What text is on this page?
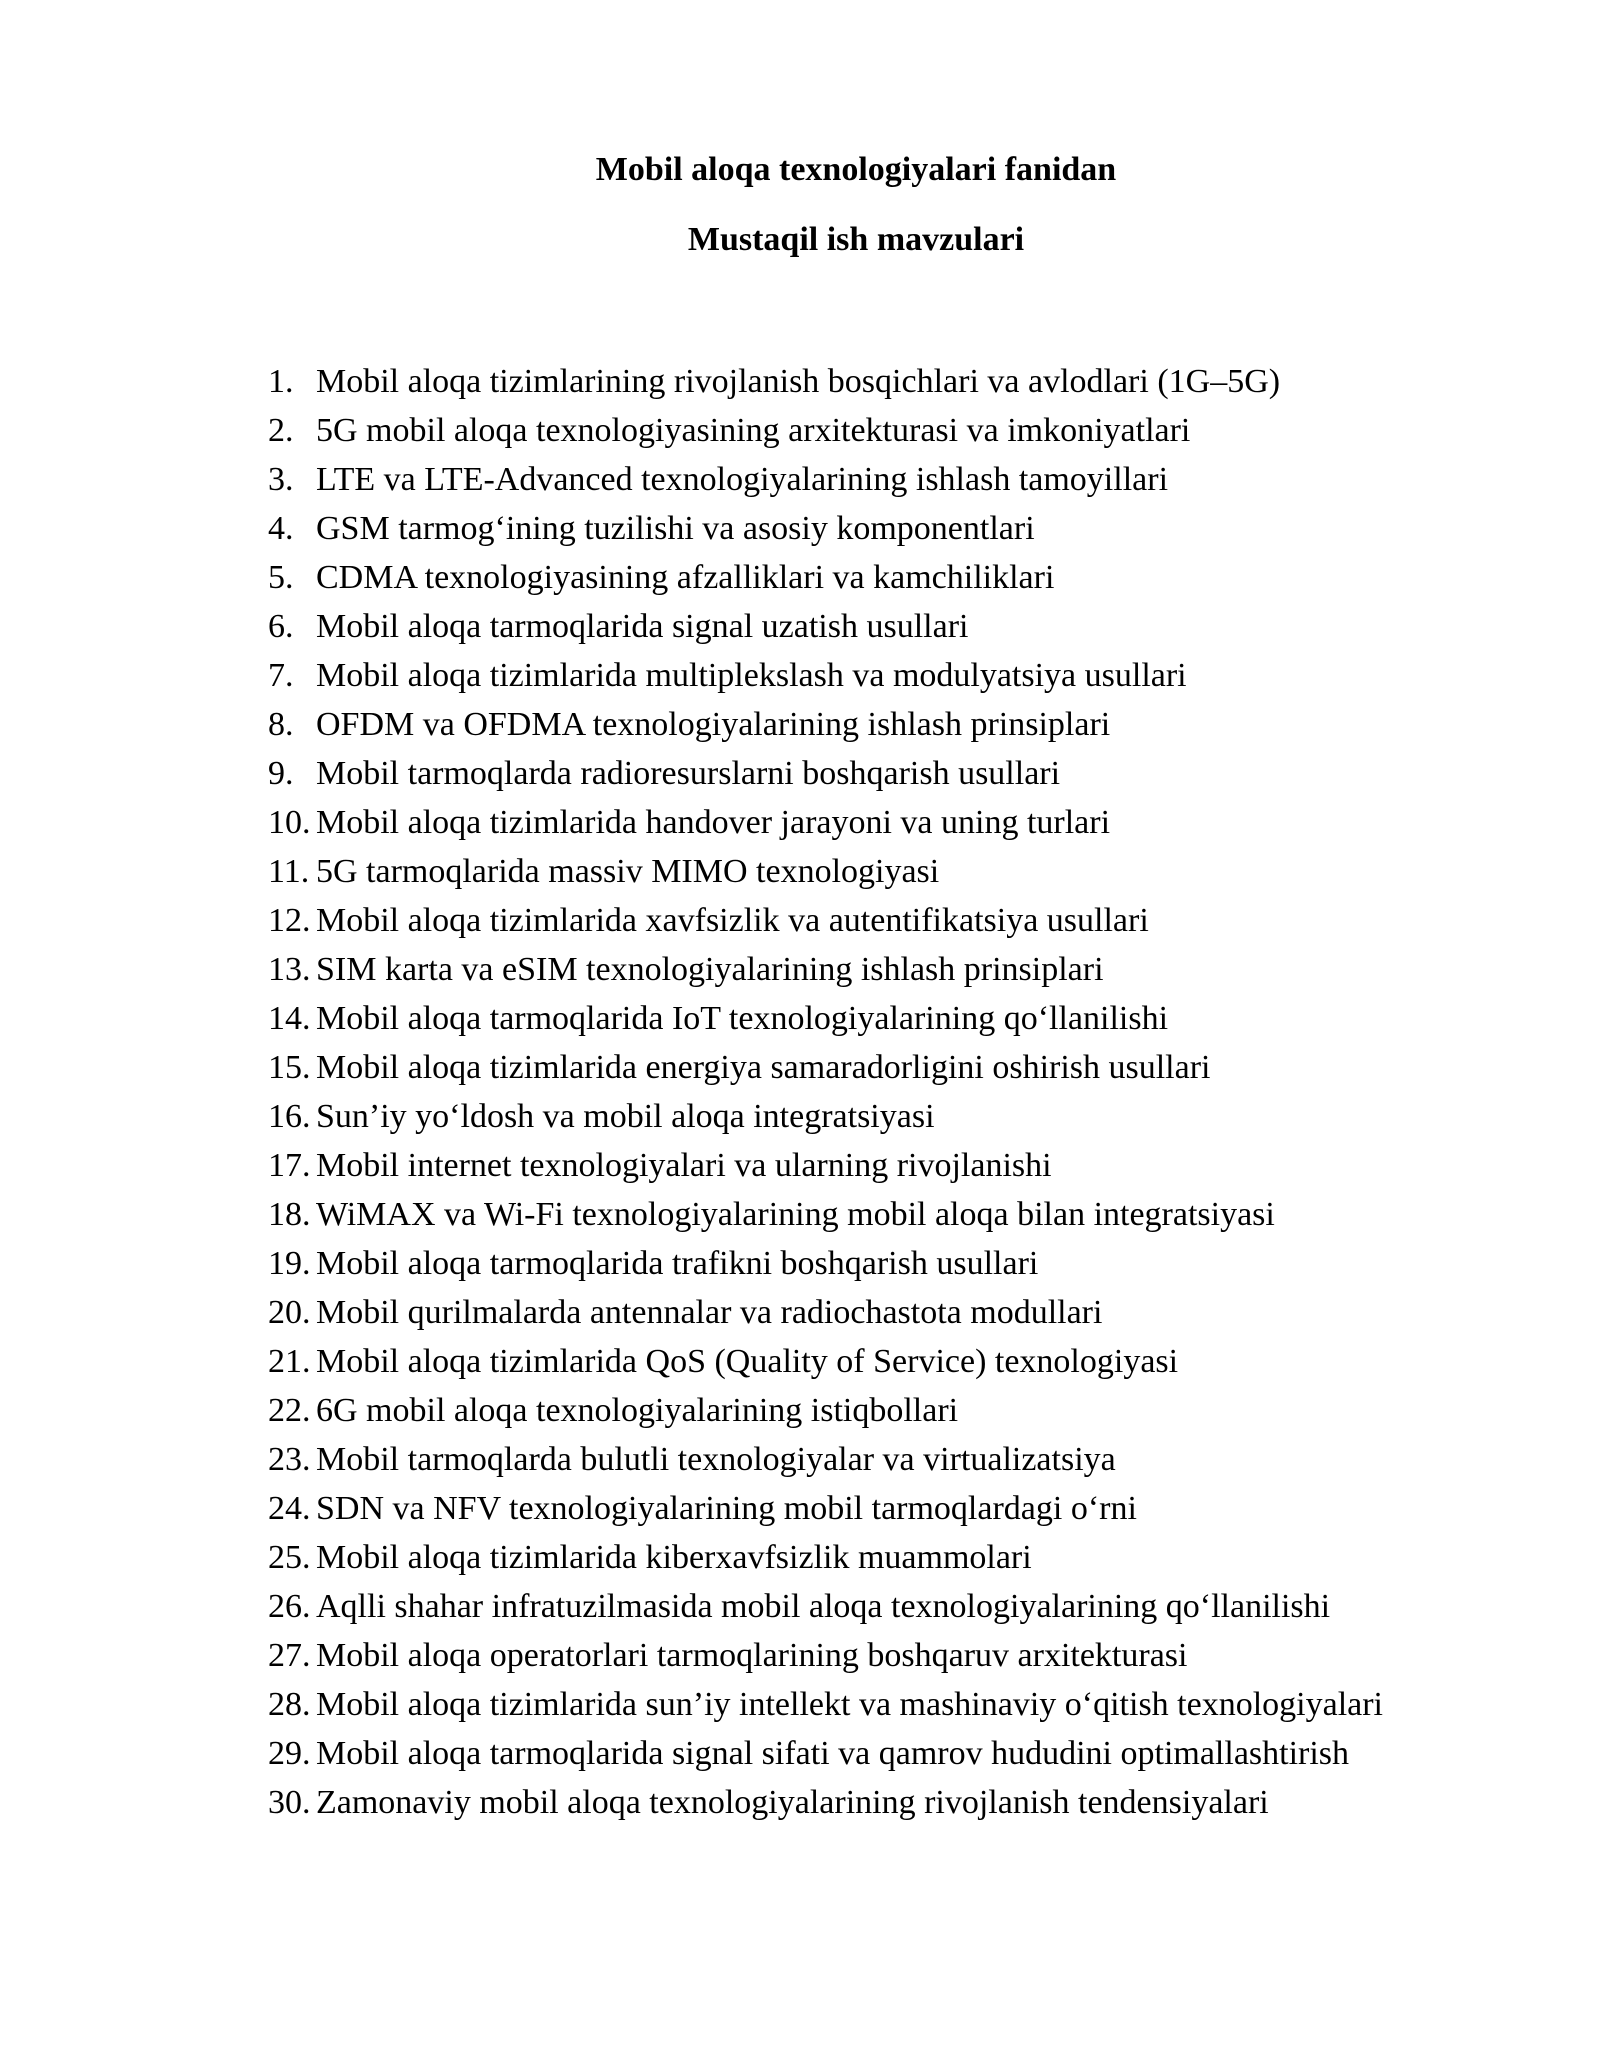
Mobil aloqa texnologiyalari fanidan
Mustaqil ish mavzulari
1. Mobil aloqa tizimlarining rivojlanish bosqichlari va avlodlari (1G–5G)
2. 5G mobil aloqa texnologiyasining arxitekturasi va imkoniyatlari
3. LTE va LTE-Advanced texnologiyalarining ishlash tamoyillari
4. GSM tarmog‘ining tuzilishi va asosiy komponentlari
5. CDMA texnologiyasining afzalliklari va kamchiliklari
6. Mobil aloqa tarmoqlarida signal uzatish usullari
7. Mobil aloqa tizimlarida multiplekslash va modulyatsiya usullari
8. OFDM va OFDMA texnologiyalarining ishlash prinsiplari
9. Mobil tarmoqlarda radioresurslarni boshqarish usullari
10. Mobil aloqa tizimlarida handover jarayoni va uning turlari
11. 5G tarmoqlarida massiv MIMO texnologiyasi
12. Mobil aloqa tizimlarida xavfsizlik va autentifikatsiya usullari
13. SIM karta va eSIM texnologiyalarining ishlash prinsiplari
14. Mobil aloqa tarmoqlarida IoT texnologiyalarining qo‘llanilishi
15. Mobil aloqa tizimlarida energiya samaradorligini oshirish usullari
16. Sun’iy yo‘ldosh va mobil aloqa integratsiyasi
17. Mobil internet texnologiyalari va ularning rivojlanishi
18. WiMAX va Wi-Fi texnologiyalarining mobil aloqa bilan integratsiyasi
19. Mobil aloqa tarmoqlarida trafikni boshqarish usullari
20. Mobil qurilmalarda antennalar va radiochastota modullari
21. Mobil aloqa tizimlarida QoS (Quality of Service) texnologiyasi
22. 6G mobil aloqa texnologiyalarining istiqbollari
23. Mobil tarmoqlarda bulutli texnologiyalar va virtualizatsiya
24. SDN va NFV texnologiyalarining mobil tarmoqlardagi o‘rni
25. Mobil aloqa tizimlarida kiberxavfsizlik muammolari
26. Aqlli shahar infratuzilmasida mobil aloqa texnologiyalarining qo‘llanilishi
27. Mobil aloqa operatorlari tarmoqlarining boshqaruv arxitekturasi
28. Mobil aloqa tizimlarida sun’iy intellekt va mashinaviy o‘qitish texnologiyalari
29. Mobil aloqa tarmoqlarida signal sifati va qamrov hududini optimallashtirish
30. Zamonaviy mobil aloqa texnologiyalarining rivojlanish tendensiyalari
